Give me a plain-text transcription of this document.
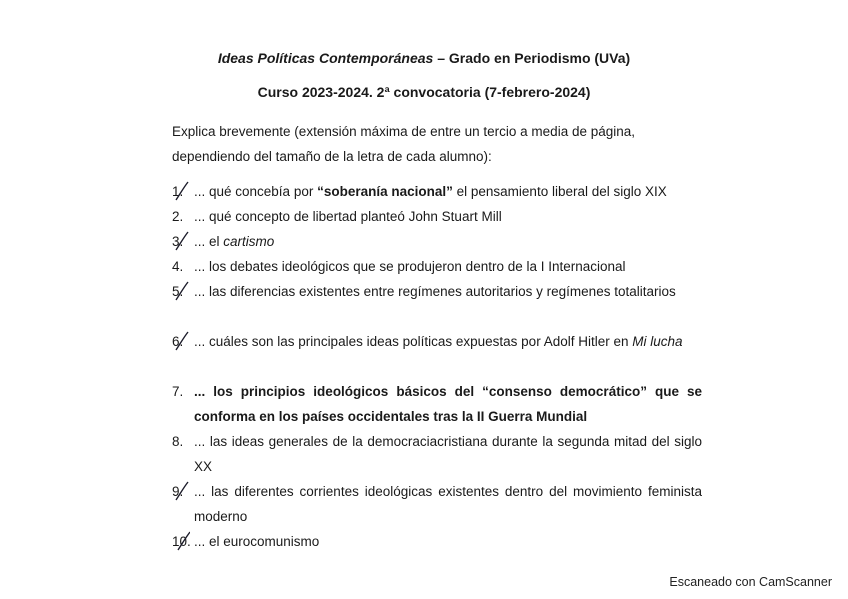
Ideas Políticas Contemporáneas – Grado en Periodismo (UVa)
Curso 2023-2024. 2ª convocatoria (7-febrero-2024)
Explica brevemente (extensión máxima de entre un tercio a media de página, dependiendo del tamaño de la letra de cada alumno):
1. ... qué concebía por “soberanía nacional” el pensamiento liberal del siglo XIX
2. ... qué concepto de libertad planteó John Stuart Mill
3. ... el cartismo
4. ... los debates ideológicos que se produjeron dentro de la I Internacional
5. ... las diferencias existentes entre regímenes autoritarios y regímenes totalitarios
6. ... cuáles son las principales ideas políticas expuestas por Adolf Hitler en Mi lucha
7. ... los principios ideológicos básicos del “consenso democrático” que se conforma en los países occidentales tras la II Guerra Mundial
8. ... las ideas generales de la democraciacristiana durante la segunda mitad del siglo XX
9. ... las diferentes corrientes ideológicas existentes dentro del movimiento feminista moderno
10. ... el eurocomunismo
Escaneado con CamScanner
